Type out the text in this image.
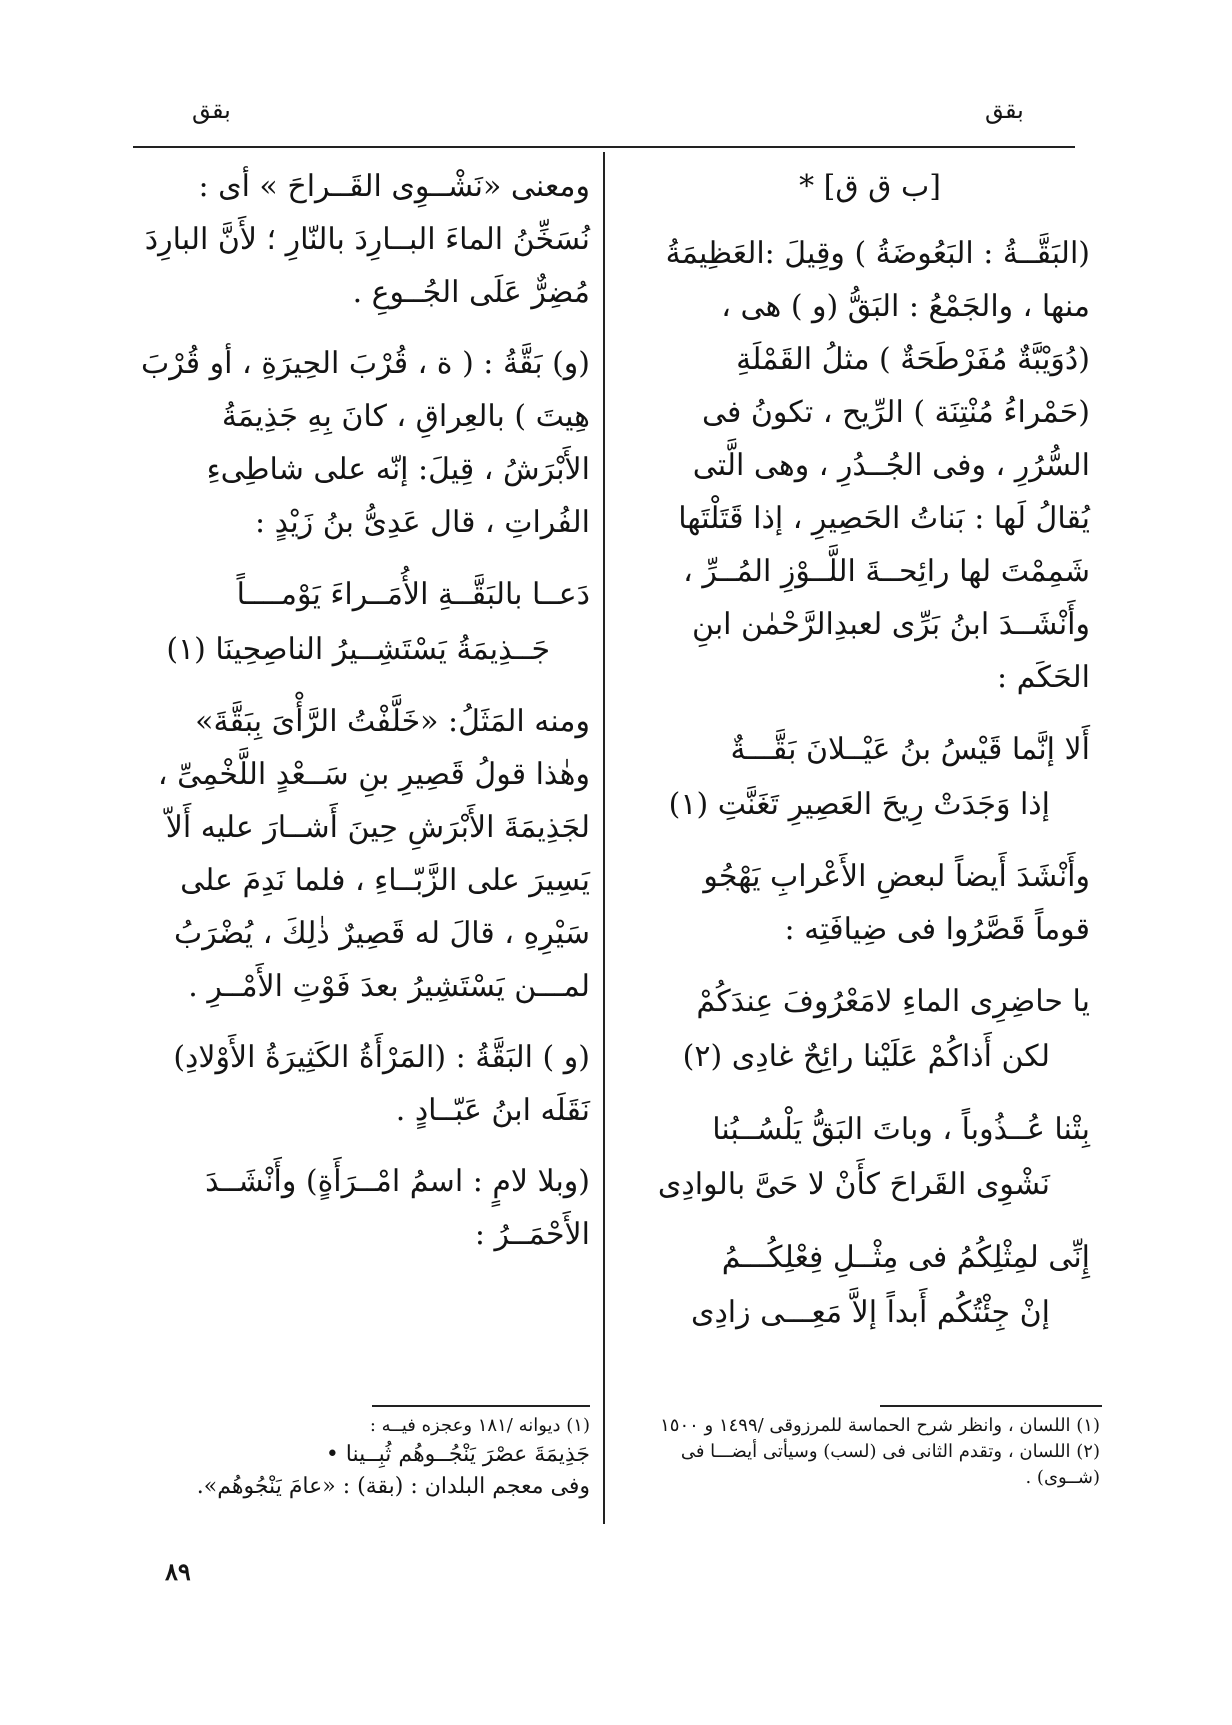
بقق
بقق
[ب ق ق] *

(البَقَّــةُ : البَعُوضَةُ ) وقِيلَ :العَظِيمَةُ منها ، والجَمْعُ : البَقُّ (و ) هى ، (دُوَيْبَّةٌ مُفَرْطَحَةٌ ) مثلُ القَمْلَةِ (حَمْراءُ مُنْتِنَة ) الرِّيح ، تكونُ فى السُّرُرِ ، وفى الجُــدُرِ ، وهى الَّتى يُقالُ لَها : بَناتُ الحَصِيرِ ، إذا قَتَلْتَها شَمِمْتَ لها رائِحــةَ اللَّــوْزِ المُــرِّ ، وأَنْشَــدَ ابنُ بَرِّى لعبدِالرَّحْمٰن ابنِ الحَكَم :

أَلا إنَّما قَيْسُ بنُ عَيْــلانَ بَقَّـــةٌ
إذا وَجَدَتْ رِيحَ العَصِيرِ تَغَنَّتِ (١)

وأَنْشَدَ أَيضاً لبعضِ الأَعْرابِ يَهْجُو قوماً قَصَّرُوا فى ضِيافَتِه :

يا حاضِرِى الماءِ لامَعْرُوفَ عِندَكُمْ
لكن أَذاكُمْ عَلَيْنا رائِحٌ غادِى (٢)
بِتْنا عُــذُوباً ، وباتَ البَقُّ يَلْسُــبُنا
نَشْوِى القَراحَ كأَنْ لا حَىَّ بالوادِى
إِنِّى لمِثْلِكُمُ فى مِثْــلِ فِعْلِكُـــمُ
إنْ جِئْتُكُم أَبداً إلاَّ مَعِـــى زادِى

ومعنى «نَشْــوِى القَــراحَ » أى : نُسَخِّنُ الماءَ البــارِدَ بالنّارِ ؛ لأَنَّ البارِدَ مُضِرٌّ عَلَى الجُــوعِ .

(و) بَقَّةُ : ( ة ، قُرْبَ الحِيرَةِ ، أو قُرْبَ هِيتَ ) بالعِراقِ ، كانَ بِهِ جَذِيمَةُ الأَبْرَشُ ، قِيلَ: إنّه على شاطِىءِ الفُراتِ ، قال عَدِىُّ بنُ زَيْدٍ :

دَعــا بالبَقَّــةِ الأُمَــراءَ يَوْمــــاً
جَــذِيمَةُ يَسْتَشِــيرُ الناصِحِينَا (١)

ومنه المَثَلُ: «خَلَّفْتُ الرَّأْىَ بِبَقَّةَ» وهٰذا قولُ قَصِيرِ بنِ سَــعْدٍ اللَّخْمِىِّ ، لجَذِيمَةَ الأَبْرَشِ حِينَ أَشــارَ عليه أَلاّ يَسِيرَ على الزَّبّــاءِ ، فلما نَدِمَ على سَيْرِهِ ، قالَ له قَصِيرٌ ذٰلِكَ ، يُضْرَبُ لمـــن يَسْتَشِيرُ بعدَ فَوْتِ الأَمْــرِ .

(و ) البَقَّةُ : (المَرْأَةُ الكَثِيرَةُ الأَوْلادِ) نَقَلَه ابنُ عَبّــادٍ .

(وبلا لامٍ : اسمُ امْــرَأَةٍ) وأَنْشَــدَ الأَحْمَــرُ :

(١) اللسان ، وانظر شرح الحماسة للمرزوقى /١٤٩٩ و ١٥٠٠

(٢) اللسان ، وتقدم الثانى فى (لسب) وسيأتى أيضـــا فى (شــوى) .

(١) ديوانه /١٨١ وعجزه فيــه :

جَذِيمَةَ عصْرَ يَنْجُــوهُم ثُبِــينا •

وفى معجم البلدان : (بقة) : «عامَ يَنْجُوهُم».

٨٩
